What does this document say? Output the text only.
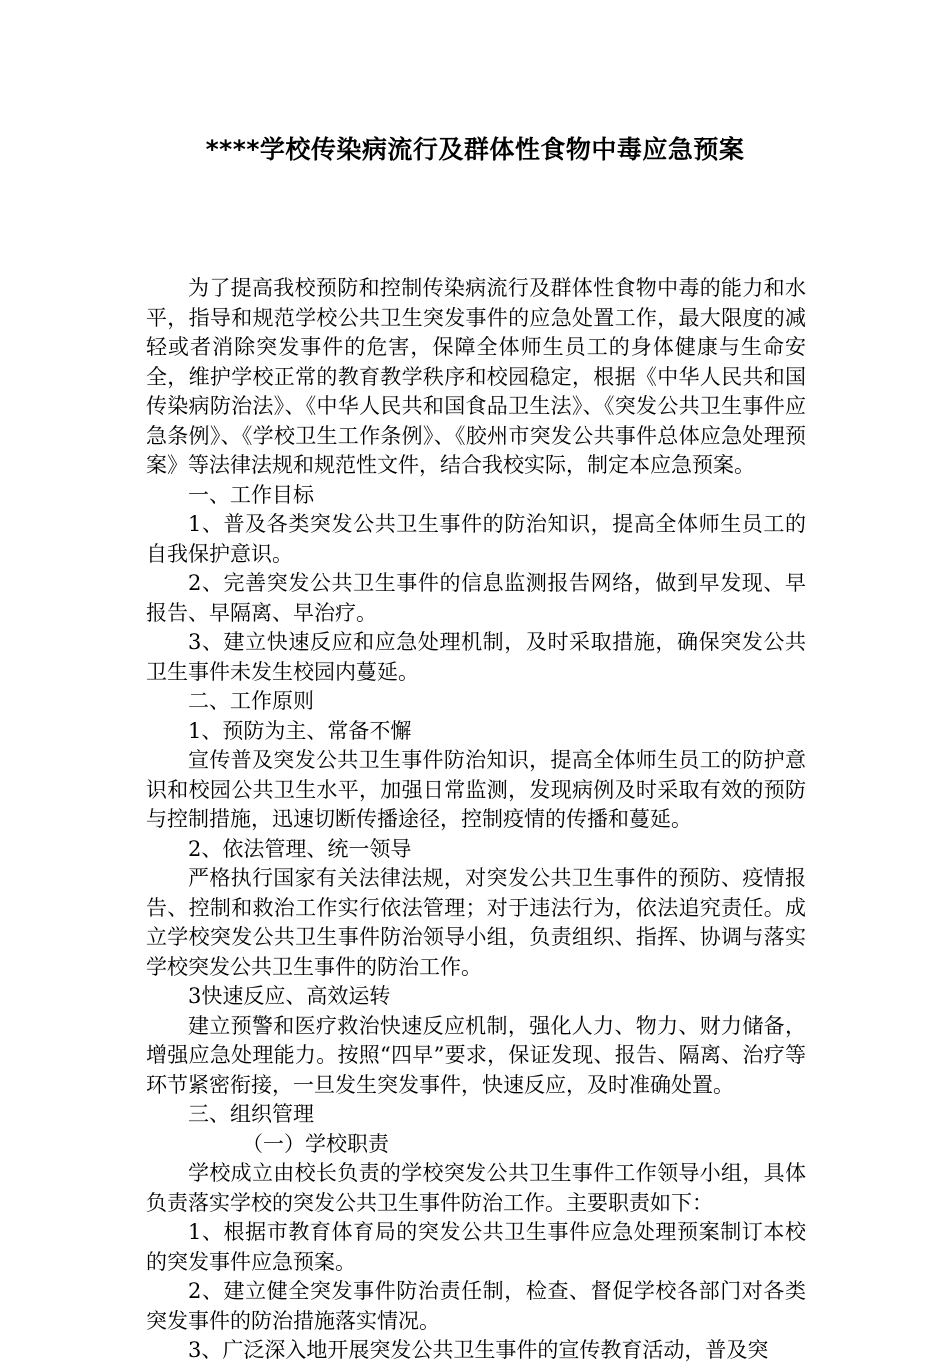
****学校传染病流行及群体性食物中毒应急预案

为了提高我校预防和控制传染病流行及群体性食物中毒的能力和水平，指导和规范学校公共卫生突发事件的应急处置工作，最大限度的减轻或者消除突发事件的危害，保障全体师生员工的身体健康与生命安全，维护学校正常的教育教学秩序和校园稳定，根据《中华人民共和国传染病防治法》、《中华人民共和国食品卫生法》、《突发公共卫生事件应急条例》、《学校卫生工作条例》、《胶州市突发公共事件总体应急处理预案》等法律法规和规范性文件，结合我校实际，制定本应急预案。

一、工作目标

1、普及各类突发公共卫生事件的防治知识，提高全体师生员工的自我保护意识。

2、完善突发公共卫生事件的信息监测报告网络，做到早发现、早报告、早隔离、早治疗。

3、建立快速反应和应急处理机制，及时采取措施，确保突发公共卫生事件未发生校园内蔓延。

二、工作原则

1、预防为主、常备不懈

宣传普及突发公共卫生事件防治知识，提高全体师生员工的防护意识和校园公共卫生水平，加强日常监测，发现病例及时采取有效的预防与控制措施，迅速切断传播途径，控制疫情的传播和蔓延。

2、依法管理、统一领导

严格执行国家有关法律法规，对突发公共卫生事件的预防、疫情报告、控制和救治工作实行依法管理；对于违法行为，依法追究责任。成立学校突发公共卫生事件防治领导小组，负责组织、指挥、协调与落实学校突发公共卫生事件的防治工作。

3快速反应、高效运转

建立预警和医疗救治快速反应机制，强化人力、物力、财力储备，增强应急处理能力。按照“四早”要求，保证发现、报告、隔离、治疗等环节紧密衔接，一旦发生突发事件，快速反应，及时准确处置。

三、组织管理

（一）学校职责

学校成立由校长负责的学校突发公共卫生事件工作领导小组，具体负责落实学校的突发公共卫生事件防治工作。主要职责如下：

1、根据市教育体育局的突发公共卫生事件应急处理预案制订本校的突发事件应急预案。

2、建立健全突发事件防治责任制，检查、督促学校各部门对各类突发事件的防治措施落实情况。

3、广泛深入地开展突发公共卫生事件的宣传教育活动，普及突
